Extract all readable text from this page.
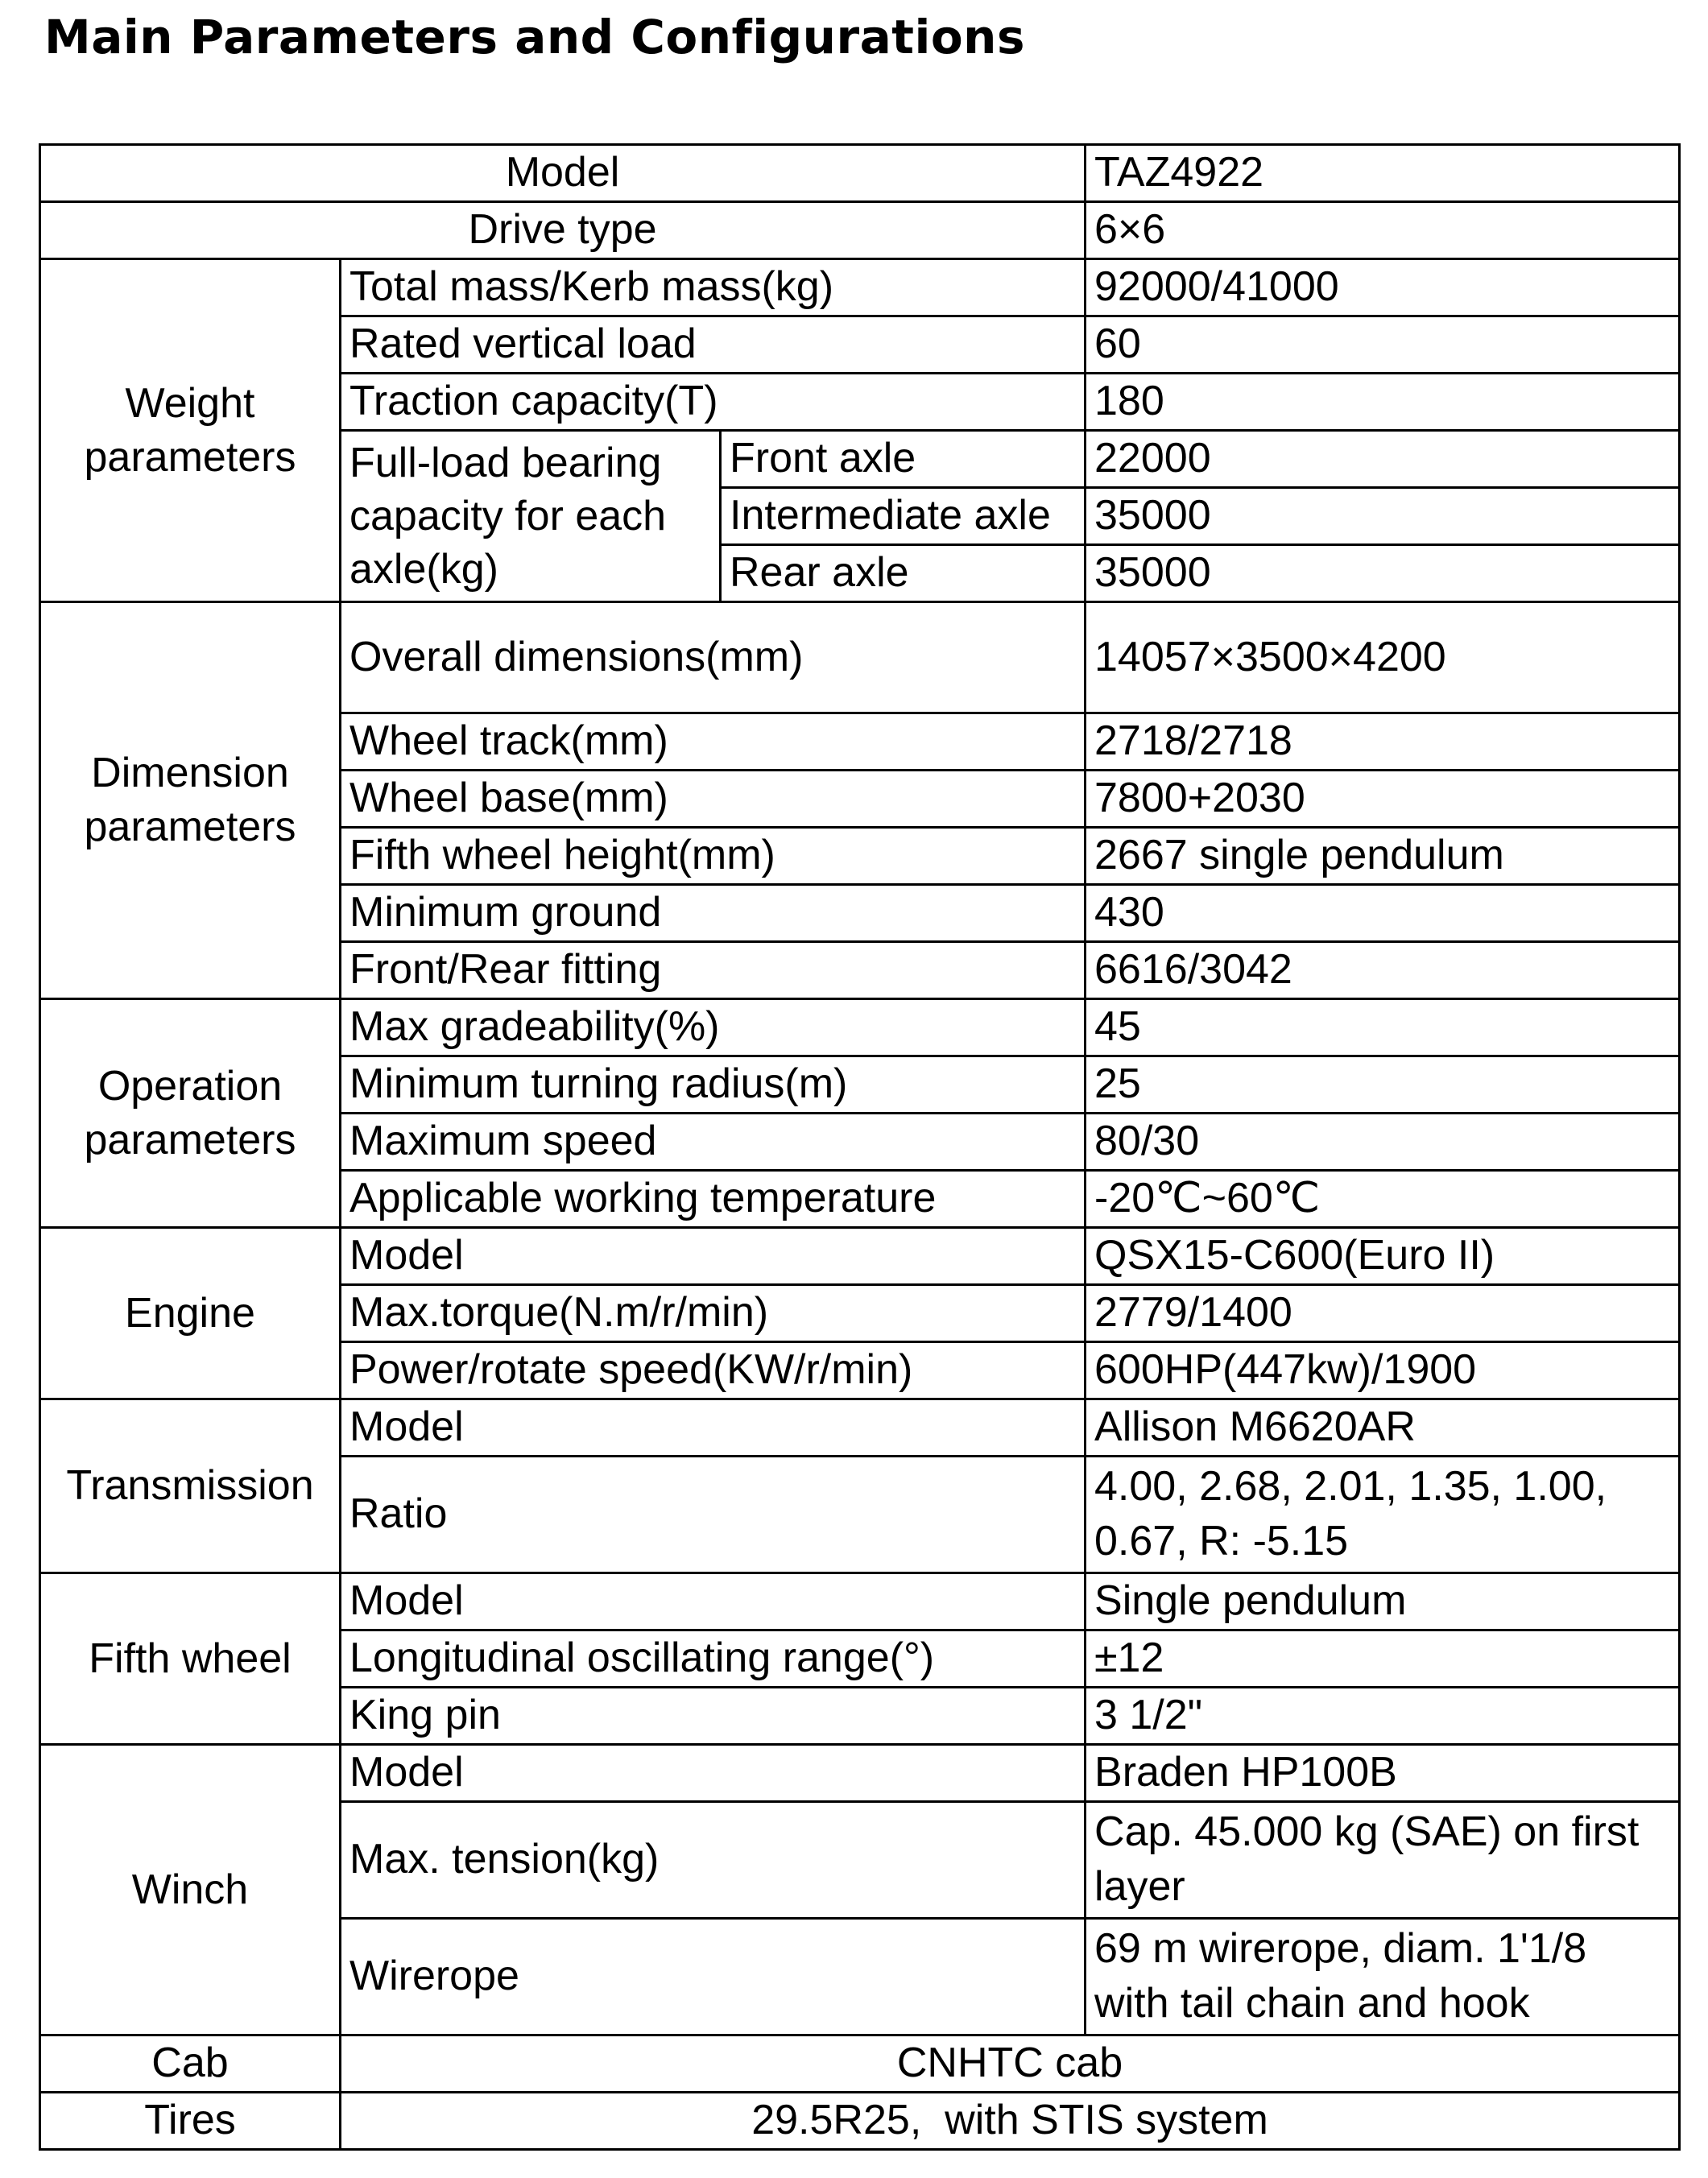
Main Parameters and Configurations
Model			TAZ4922
Drive type			6×6
Weight parameters	Total mass/Kerb mass(kg)		92000/41000
	Rated vertical load		60
	Traction capacity(T)		180
	Full-load bearing capacity for each axle(kg)	Front axle	22000
		Intermediate axle	35000
		Rear axle	35000
Dimension parameters	Overall dimensions(mm)		14057×3500×4200
	Wheel track(mm)		2718/2718
	Wheel base(mm)		7800+2030
	Fifth wheel height(mm)		2667 single pendulum
	Minimum ground		430
	Front/Rear fitting		6616/3042
Operation parameters	Max gradeability(%)		45
	Minimum turning radius(m)		25
	Maximum speed		80/30
	Applicable working temperature		-20℃~60℃
Engine	Model		QSX15-C600(Euro II)
	Max.torque(N.m/r/min)		2779/1400
	Power/rotate speed(KW/r/min)		600HP(447kw)/1900
Transmission	Model		Allison M6620AR
	Ratio		4.00, 2.68, 2.01, 1.35, 1.00, 0.67, R: -5.15
Fifth wheel	Model		Single pendulum
	Longitudinal oscillating range(°)		±12
	King pin		3 1/2"
Winch	Model		Braden HP100B
	Max. tension(kg)		Cap. 45.000 kg (SAE) on first layer
	Wirerope		69 m wirerope, diam. 1'1/8 with tail chain and hook
Cab	CNHTC cab		
Tires	29.5R25,  with STIS system		
